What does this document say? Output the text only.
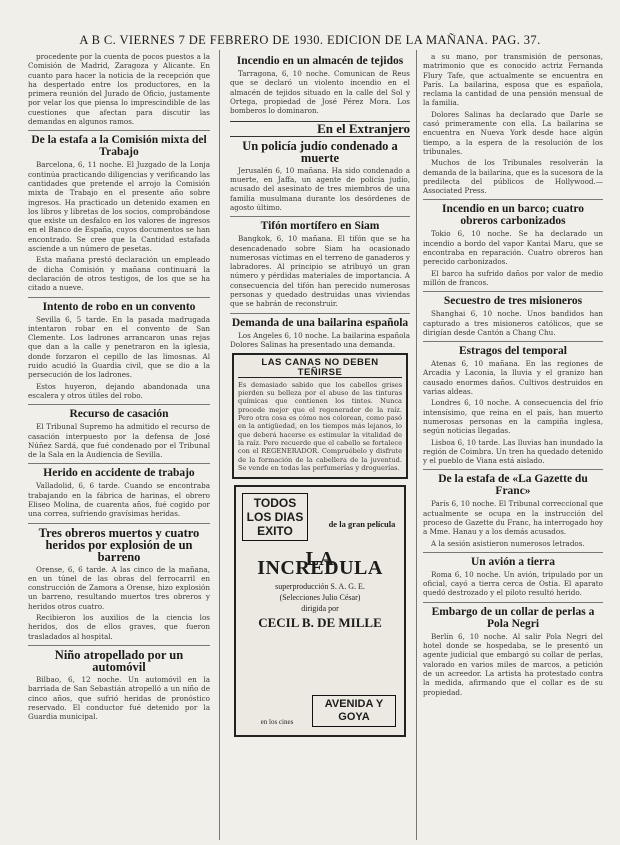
A B C. VIERNES 7 DE FEBRERO DE 1930. EDICION DE LA MAÑANA. PAG. 37.

procedente por la cuenta de pocos puestos a la Comisión de Madrid, Zaragoza y Alicante. En cuanto para hacer la noticia de la recepción que ha despertado entre los productores, en la primera reunión del Jurado de Oficio, justamente por velar los que piensa lo imprescindible de las cuestiones que afectan para discutir las demandas en algunos ramos.

De la estafa a la Comisión mixta del Trabajo

Barcelona, 6, 11 noche. El Juzgado de la Lonja continúa practicando diligencias y verificando las cantidades que pretende el arrojo la Comisión mixta de Trabajo en el presente año sobre ingresos. Ha practicado un detenido examen en los libros y libretas de los socios, comprobándose que existe un desfalco en los valores de ingresos en el Banco de España, cuyos documentos se han encontrado. Se cree que la Cantidad estafada asciende a un número de pesetas.

Esta mañana prestó declaración un empleado de dicha Comisión y mañana continuará la declaración de otros testigos, de los que se ha citado a nueve.

Intento de robo en un convento

Sevilla 6, 5 tarde. En la pasada madrugada intentaron robar en el convento de San Clemente. Los ladrones arrancaron unas rejas que dan a la calle y penetraron en la iglesia, donde forzaron el cepillo de las limosnas. Al ruido acudió la Guardia civil, que se dio a la persecución de los ladrones.

Estos huyeron, dejando abandonada una escalera y otros útiles del robo.

Recurso de casación

El Tribunal Supremo ha admitido el recurso de casación interpuesto por la defensa de José Núñez Sardá, que fué condenado por el Tribunal de la Sala en la Audiencia de Sevilla.

Herido en accidente de trabajo

Valladolid, 6, 6 tarde. Cuando se encontraba trabajando en la fábrica de harinas, el obrero Eliseo Molina, de cuarenta años, fué cogido por una correa, sufriendo gravísimas heridas.

Tres obreros muertos y cuatro heridos por explosión de un barreno

Orense, 6, 6 tarde. A las cinco de la mañana, en un túnel de las obras del ferrocarril en construcción de Zamora a Orense, hizo explosión un barreno, resultando muertos tres obreros y heridos otros cuatro.

Recibieron los auxilios de la ciencia los heridos, dos de ellos graves, que fueron trasladados al hospital.

Niño atropellado por un automóvil

Bilbao, 6, 12 noche. Un automóvil en la barriada de San Sebastián atropelló a un niño de cinco años, que sufrió heridas de pronóstico reservado. El conductor fué detenido por la Guardia municipal.

Incendio en un almacén de tejidos

Tarragona, 6, 10 noche. Comunican de Reus que se declaró un violento incendio en el almacén de tejidos situado en la calle del Sol y Ortega, propiedad de José Pérez Mora. Los bomberos lo dominaron.

En el Extranjero
Un policía judío condenado a muerte

Jerusalén 6, 10 mañana. Ha sido condenado a muerte, en Jaffa, un agente de policía judío, acusado del asesinato de tres miembros de una familia musulmana durante los desórdenes de agosto último.

Tifón mortífero en Siam

Bangkok, 6, 10 mañana. El tifón que se ha desencadenado sobre Siam ha ocasionado numerosas víctimas en el terreno de ganaderos y labradores. Al principio se atribuyó un gran número y pérdidas materiales de importancia. A consecuencia del tifón han perecido numerosas personas y quedado destruidas unas viviendas que se habrán de reconstruir.

Demanda de una bailarina española

Los Angeles 6, 10 noche. La bailarina española Dolores Salinas ha presentado una demanda.

LAS CANAS NO DEBEN TEÑIRSE

Es demasiado sabido que los cabellos grises pierden su belleza por el abuso de las tinturas químicas que contienen los tintes. Nunca procede mejor que el regenerador de la raíz. Pero otra cosa es cómo nos colorean, como pasó en la antigüedad, en los tiempos más lejanos, lo que deberá hacerse es estimular la vitalidad de la raíz. Pero recuerde que el cabello se fortalece con el REGENERADOR. Compruébelo y disfrute de la formación de la cabellera de la juventud. Se vende en todas las perfumerías y droguerías.

TODOS LOS DIAS EXITO	de la gran película
LA INCREDULA
superproducción S. A. G. E.
(Selecciones Julio César)
dirigida por
CECIL B. DE MILLE
en los cines
AVENIDA Y GOYA

a su mano, por transmisión de personas, matrimonio que es conocido actriz Fernanda Flury Tafe, que actualmente se encuentra en París. La bailarina, esposa que es española, reclama la cantidad de una pensión mensual de la familia.

Dolores Salinas ha declarado que Darle se casó primeramente con ella. La bailarina se encuentra en Nueva York desde hace algún tiempo, a la espera de la resolución de los tribunales.

Muchos de los Tribunales resolverán la demanda de la bailarina, que es la sucesora de la predilecta del públicos de Hollywood.—Associated Press.

Incendio en un barco; cuatro obreros carbonizados

Tokio 6, 10 noche. Se ha declarado un incendio a bordo del vapor Kantai Maru, que se encontraba en reparación. Cuatro obreros han perecido carbonizados.

El barco ha sufrido daños por valor de medio millón de francos.

Secuestro de tres misioneros

Shanghai 6, 10 noche. Unos bandidos han capturado a tres misioneros católicos, que se dirigían desde Cantón a Chang Chu.

Estragos del temporal

Atenas 6, 10 mañana. En las regiones de Arcadia y Laconia, la lluvia y el granizo han causado enormes daños. Cultivos destruidos en varias aldeas.

Londres 6, 10 noche. A consecuencia del frío intensísimo, que reina en el país, han muerto numerosas personas en la campiña inglesa, según noticias llegadas.

Lisboa 6, 10 tarde. Las lluvias han inundado la región de Coimbra. Un tren ha quedado detenido y el pueblo de Viana está aislado.

De la estafa de «La Gazette du Franc»

París 6, 10 noche. El Tribunal correccional que actualmente se ocupa en la instrucción del proceso de Gazette du Franc, ha interrogado hoy a Mme. Hanau y a los demás acusados.

A la sesión asistieron numerosos letrados.

Un avión a tierra

Roma 6, 10 noche. Un avión, tripulado por un oficial, cayó a tierra cerca de Ostia. El aparato quedó destrozado y el piloto resultó herido.

Embargo de un collar de perlas a Pola Negri

Berlín 6, 10 noche. Al salir Pola Negri del hotel donde se hospedaba, se le presentó un agente judicial que embargó su collar de perlas, valorado en varios miles de marcos, a petición de un acreedor. La artista ha protestado contra la medida, afirmando que el collar es de su propiedad.
